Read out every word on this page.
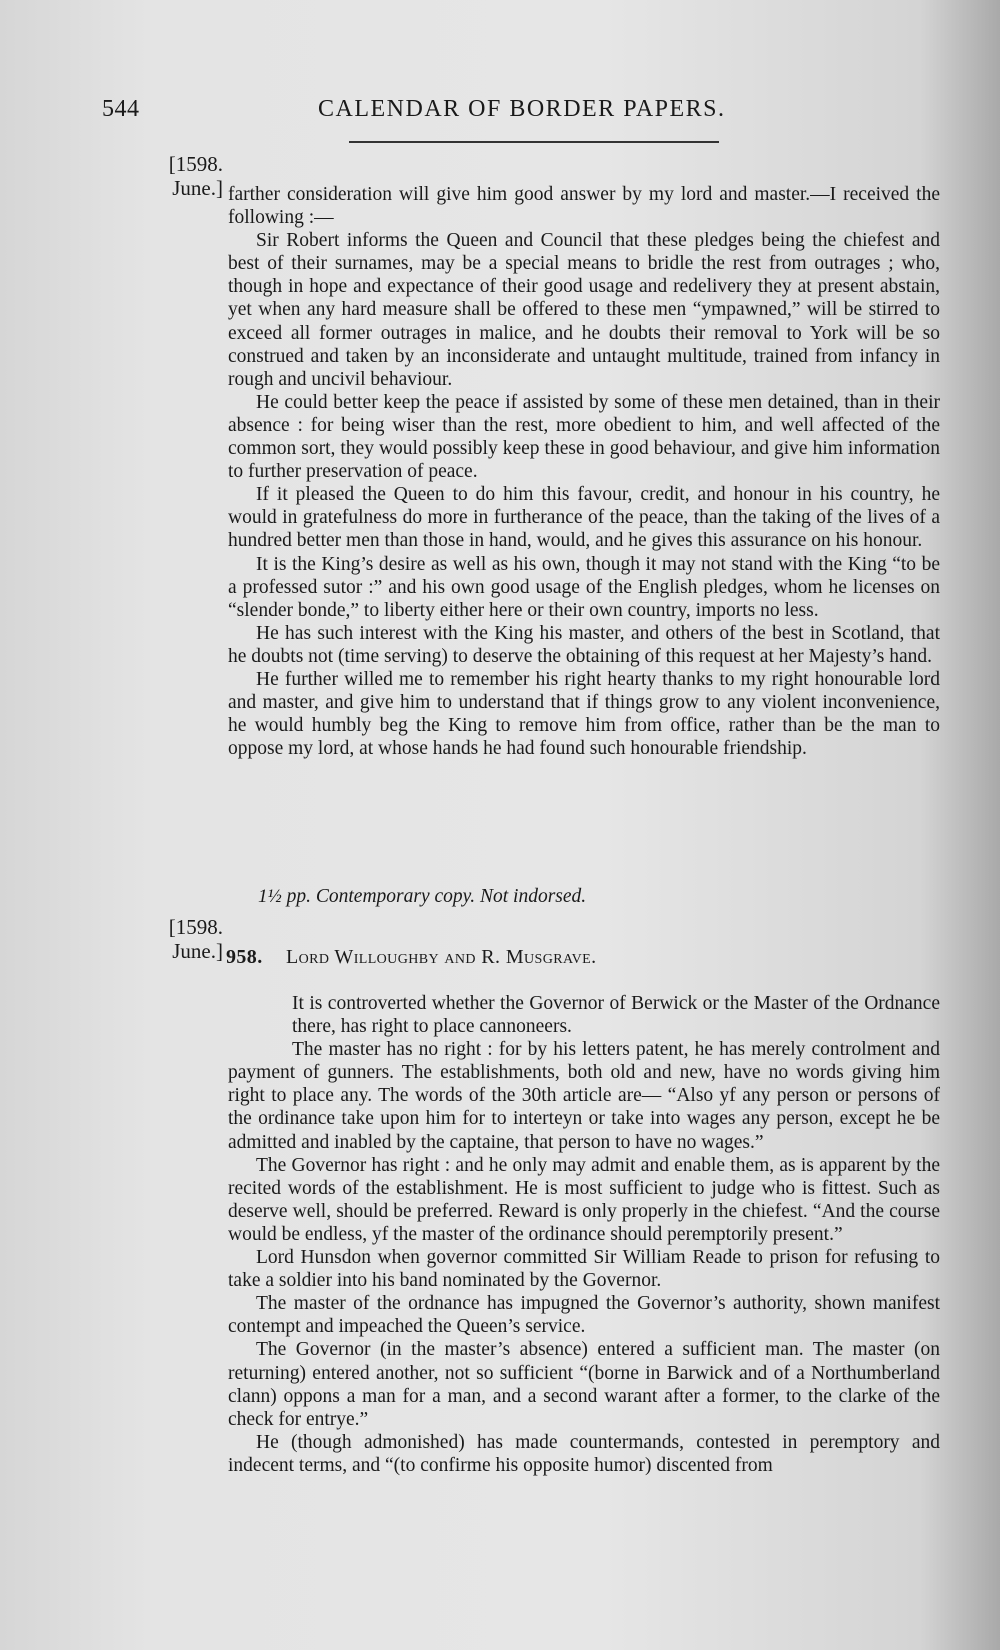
544	CALENDAR OF BORDER PAPERS.
[1598.
June.] farther consideration will give him good answer by my lord and master.—I received the following :—

Sir Robert informs the Queen and Council that these pledges being the chiefest and best of their surnames, may be a special means to bridle the rest from outrages ; who, though in hope and expectance of their good usage and redelivery they at present abstain, yet when any hard measure shall be offered to these men “ympawned,” will be stirred to exceed all former outrages in malice, and he doubts their removal to York will be so construed and taken by an inconsiderate and untaught multitude, trained from infancy in rough and uncivil behaviour.

He could better keep the peace if assisted by some of these men detained, than in their absence : for being wiser than the rest, more obedient to him, and well affected of the common sort, they would possibly keep these in good behaviour, and give him information to further preservation of peace.

If it pleased the Queen to do him this favour, credit, and honour in his country, he would in gratefulness do more in furtherance of the peace, than the taking of the lives of a hundred better men than those in hand, would, and he gives this assurance on his honour.

It is the King’s desire as well as his own, though it may not stand with the King “to be a professed sutor :” and his own good usage of the English pledges, whom he licenses on “slender bonde,” to liberty either here or their own country, imports no less.

He has such interest with the King his master, and others of the best in Scotland, that he doubts not (time serving) to deserve the obtaining of this request at her Majesty’s hand.

He further willed me to remember his right hearty thanks to my right honourable lord and master, and give him to understand that if things grow to any violent inconvenience, he would humbly beg the King to remove him from office, rather than be the man to oppose my lord, at whose hands he had found such honourable friendship.

1½ pp. Contemporary copy. Not indorsed.
[1598.
June.] 958. Lord Willoughby and R. Musgrave.

It is controverted whether the Governor of Berwick or the Master of the Ordnance there, has right to place cannoneers.

The master has no right : for by his letters patent, he has merely controlment and payment of gunners. The establishments, both old and new, have no words giving him right to place any. The words of the 30th article are— “Also yf any person or persons of the ordinance take upon him for to interteyn or take into wages any person, except he be admitted and inabled by the captaine, that person to have no wages.”

The Governor has right : and he only may admit and enable them, as is apparent by the recited words of the establishment. He is most sufficient to judge who is fittest. Such as deserve well, should be preferred. Reward is only properly in the chiefest. “And the course would be endless, yf the master of the ordinance should peremptorily present.”

Lord Hunsdon when governor committed Sir William Reade to prison for refusing to take a soldier into his band nominated by the Governor.

The master of the ordnance has impugned the Governor’s authority, shown manifest contempt and impeached the Queen’s service.

The Governor (in the master’s absence) entered a sufficient man. The master (on returning) entered another, not so sufficient “(borne in Barwick and of a Northumberland clann) oppons a man for a man, and a second warant after a former, to the clarke of the check for entrye.”

He (though admonished) has made countermands, contested in peremptory and indecent terms, and “(to confirme his opposite humor) discented from
